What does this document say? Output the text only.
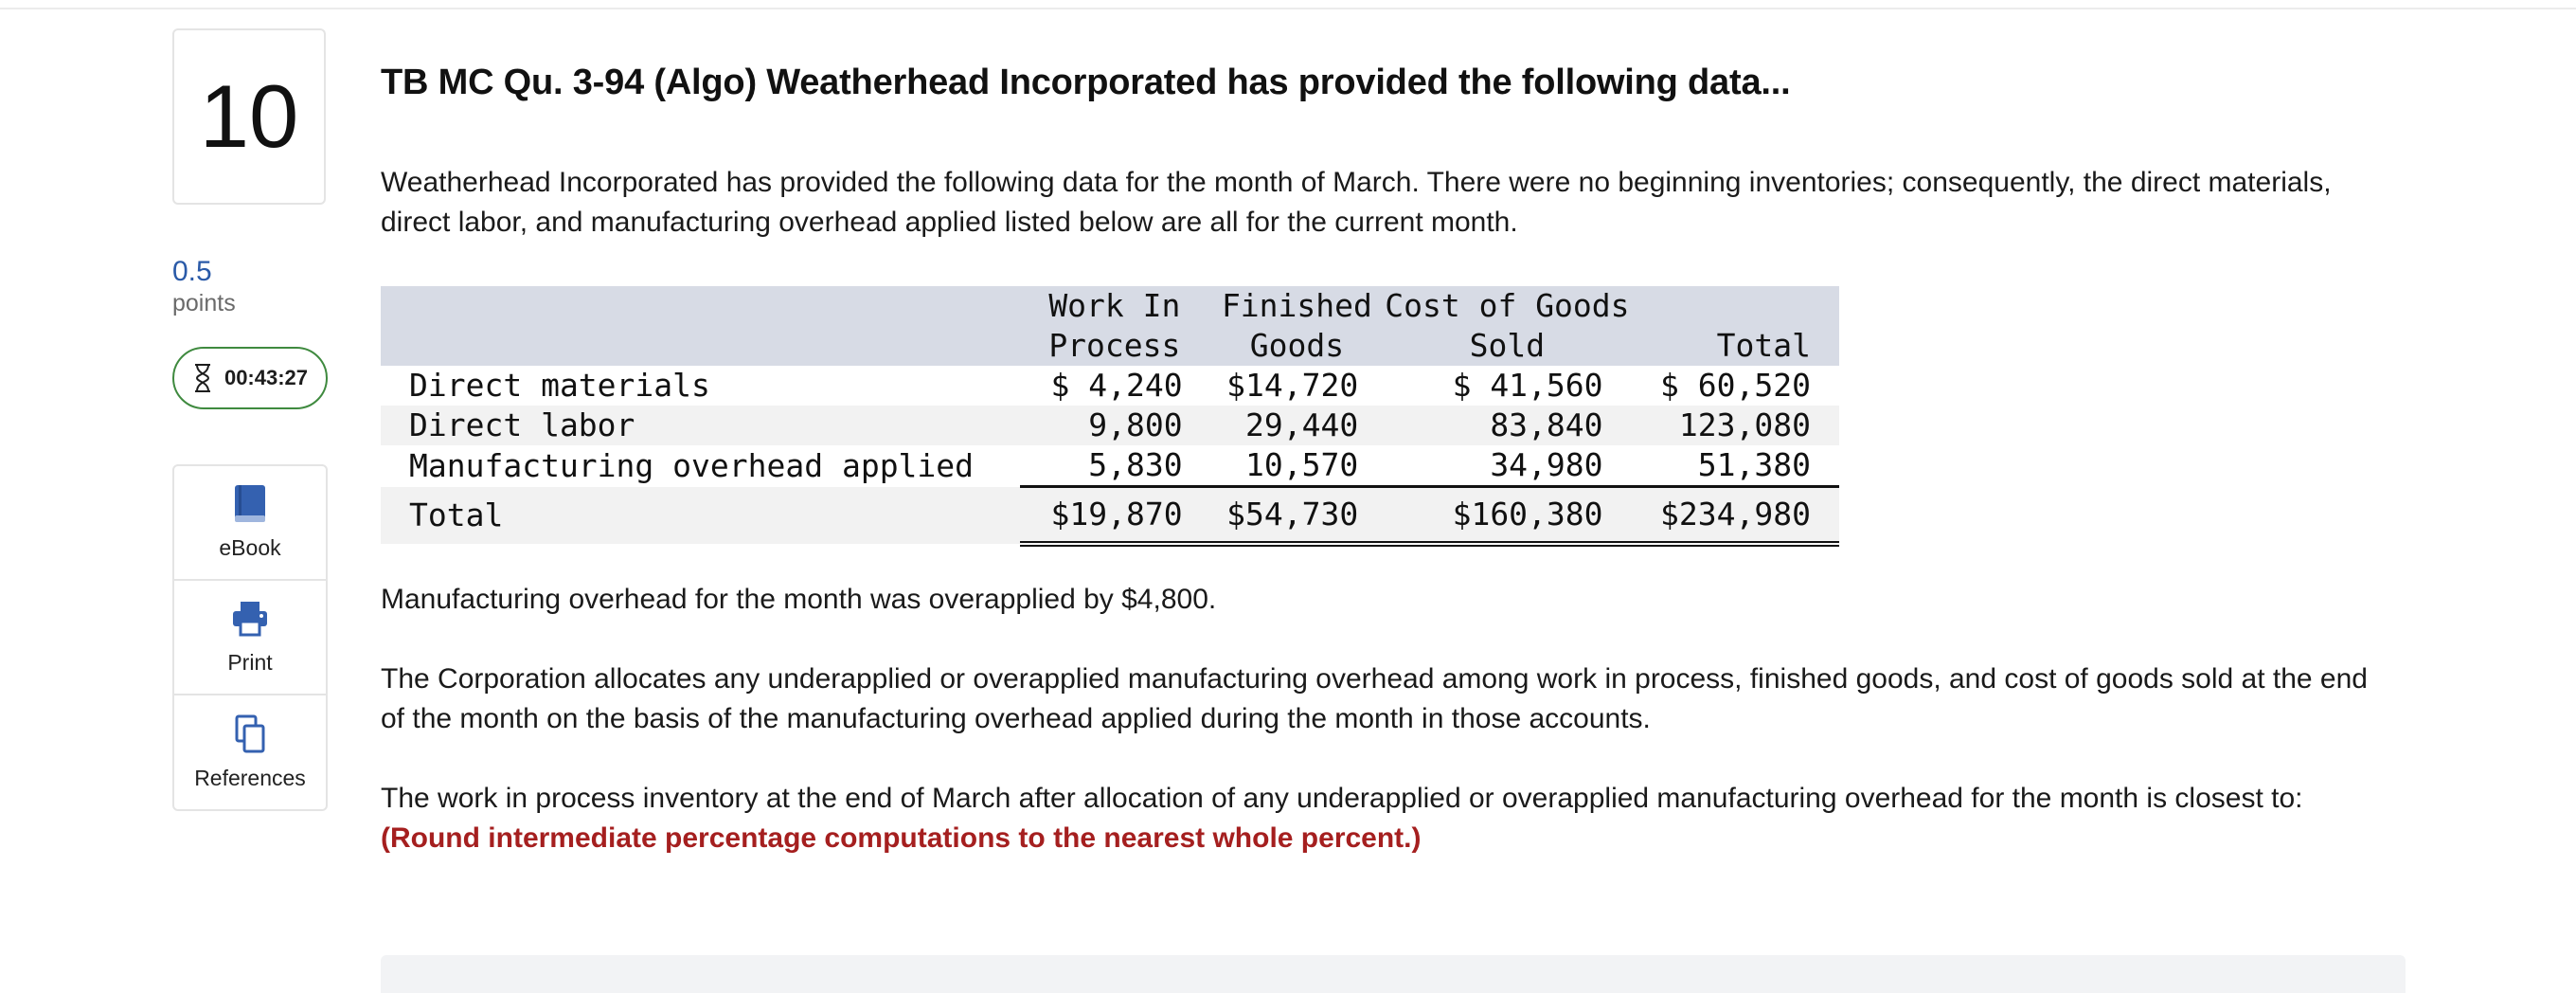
10
0.5
points
00:43:27
eBook
Print
References
TB MC Qu. 3-94 (Algo) Weatherhead Incorporated has provided the following data...

Weatherhead Incorporated has provided the following data for the month of March. There were no beginning inventories; consequently, the direct materials, direct labor, and manufacturing overhead applied listed below are all for the current month.

	Work In	Finished	Cost of Goods	
	Process	Goods	Sold	Total
Direct materials	$ 4,240	$14,720	$ 41,560	$ 60,520
Direct labor	9,800	29,440	83,840	123,080
Manufacturing overhead applied	5,830	10,570	34,980	51,380
Total	$19,870	$54,730	$160,380	$234,980

Manufacturing overhead for the month was overapplied by $4,800.

The Corporation allocates any underapplied or overapplied manufacturing overhead among work in process, finished goods, and cost of goods sold at the end of the month on the basis of the manufacturing overhead applied during the month in those accounts.

The work in process inventory at the end of March after allocation of any underapplied or overapplied manufacturing overhead for the month is closest to: (Round intermediate percentage computations to the nearest whole percent.)
